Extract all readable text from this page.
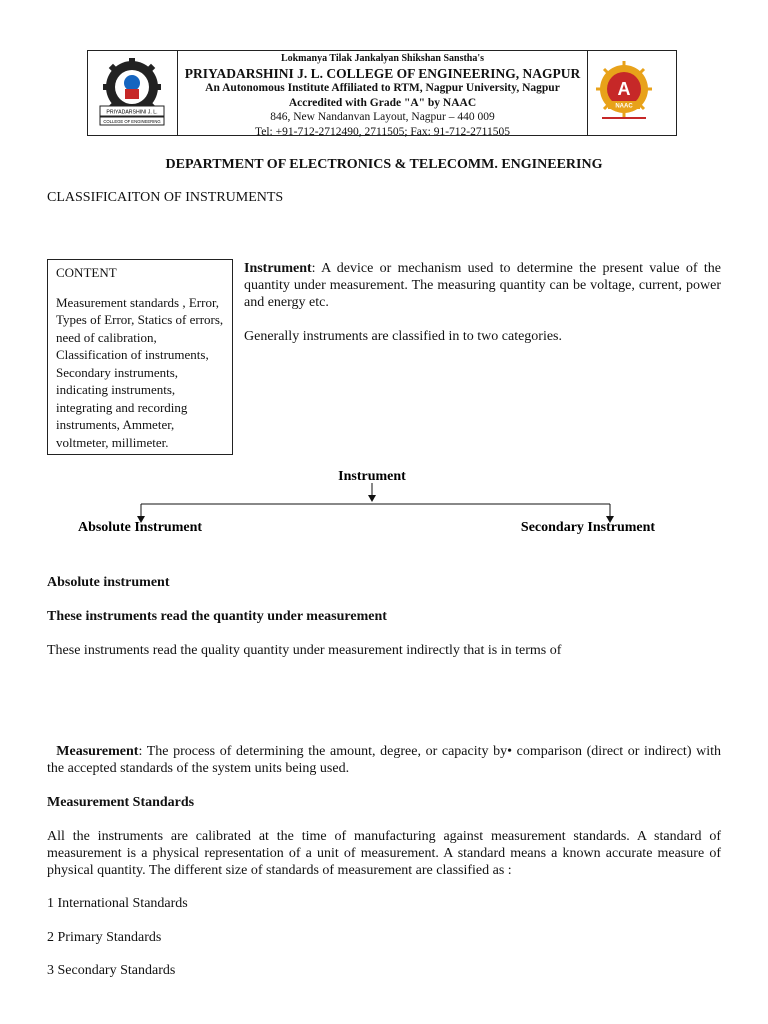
PRIYADARSHINI J. L.
COLLEGE OF ENGINEERING
Lokmanya Tilak Jankalyan Shikshan Sanstha's
PRIYADARSHINI J. L. COLLEGE OF ENGINEERING, NAGPUR
An Autonomous Institute Affiliated to RTM, Nagpur University, Nagpur
Accredited with Grade "A" by NAAC
846, New Nandanvan Layout, Nagpur – 440 009
Tel: +91-712-2712490, 2711505; Fax: 91-712-2711505
A
NAAC
DEPARTMENT OF ELECTRONICS & TELECOMM. ENGINEERING
CLASSIFICAITON OF INSTRUMENTS
CONTENT
Measurement standards , Error, Types of Error, Statics of errors, need of calibration, Classification of instruments, Secondary instruments, indicating instruments, integrating and recording instruments, Ammeter, voltmeter, millimeter.
Instrument: A device or mechanism used to determine the present value of the quantity under measurement. The measuring quantity can be voltage, current, power and energy etc.
Generally instruments are classified in to two categories.
Instrument
Absolute Instrument	Secondary Instrument
Absolute instrument
These instruments read the quantity under measurement
These instruments read the quality quantity under measurement indirectly that is in terms of
Measurement: The process of determining the amount, degree, or capacity by• comparison (direct or indirect) with the accepted standards of the system units being used.
Measurement Standards
All the instruments are calibrated at the time of manufacturing against measurement standards. A standard of measurement is a physical representation of a unit of measurement. A standard means a known accurate measure of physical quantity. The different size of standards of measurement are classified as :
1 International Standards
2 Primary Standards
3 Secondary Standards
